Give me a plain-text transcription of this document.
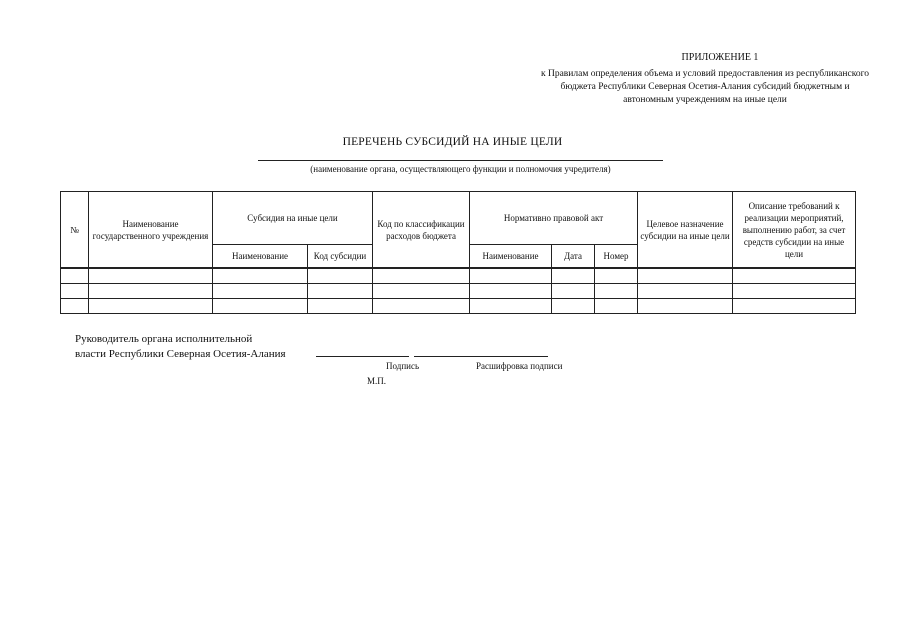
ПРИЛОЖЕНИЕ 1
к Правилам определения объема и условий предоставления из республиканского бюджета Республики Северная Осетия-Алания субсидий бюджетным и автономным учреждениям на иные цели
ПЕРЕЧЕНЬ СУБСИДИЙ НА ИНЫЕ ЦЕЛИ
(наименование органа, осуществляющего функции и полномочия учредителя)
№	Наименование государственного учреждения	Субсидия на иные цели		Код по классификации расходов бюджета	Нормативно правовой акт			Целевое назначение субсидии на иные цели	Описание требований к реализации мероприятий, выполнению работ, за счет средств субсидии на иные цели
		Наименование	Код субсидии		Наименование	Дата	Номер		

Руководитель органа исполнительной
власти Республики Северная Осетия-Алания
Подпись	Расшифровка подписи
М.П.
